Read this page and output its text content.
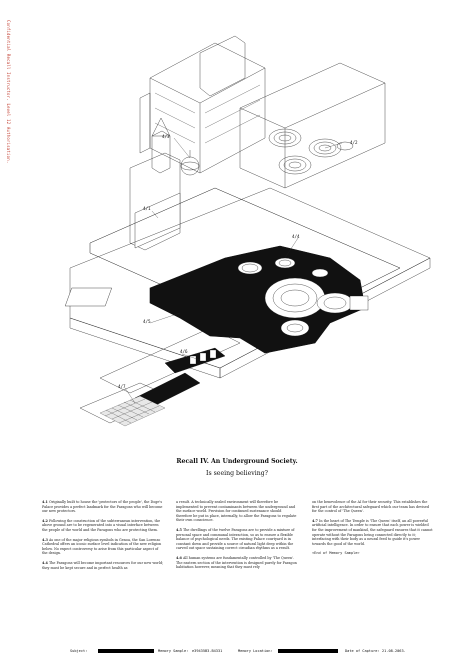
Confidential Recall Instructor. Level 12 Authorisation.	4/3
4/2
4/1
4/4
4/5
4/6
4/7
Recall IV. An Underground Society.
Is seeing believing?

4.1 Originally built to house the 'protectors of the people', the Doge's Palace provides a perfect landmark for the Paragons who will become our new protectors.

4.2 Following the construction of the subterranean intervention, the above ground are to be regenerated into a visual interface between the people of the world and the Paragons who are protecting them.

4.3 As one of the major religious symbols in Genoa, the San Lorenzo Cathedral offers an iconic surface level indication of the new religion below. No expect controversy to arise from this particular aspect of the design.

4.4 The Paragons will become important resources for our new world; they must be kept secure and in perfect health as

a result. A technically sealed environment will therefore be implemented to prevent contaminants between the underground and the surface world. Provision for continued sustenance should therefore be put in place, internally, to allow the Paragons to regulate their own conscience.

4.5 The dwellings of the twelve Paragons are to provide a mixture of personal space and communal interaction, so as to ensure a flexible balance of psychological needs. The existing Palace courtyard is in constant down and provide a source of natural light deep within the carved out space sustaining correct circadian rhythms as a result.

4.6 All human systems are fundamentally controlled by 'The Queen'. The eastern section of the intervention is designed purely for Paragon habitation however, meaning that they must rely

on the benevolence of the AI for their security. This establishes the first part of the architectural safeguard which our team has devised for the control of 'The Queen'.

4.7 In the heart of The Temple is 'The Queen' itself, an all powerful artificial intelligence. In order to ensure that each power is wielded for the improvement of mankind, the safeguard ensures that it cannot operate without the Paragons being connected directly to it; interfacing with their body as a neural feed to guide it's power towards the good of the world.

<End of Memory Sample>

Subject:	Memory Sample: e39435B3-B4331	Memory Location:	Date of Capture: 21.08.2063.
